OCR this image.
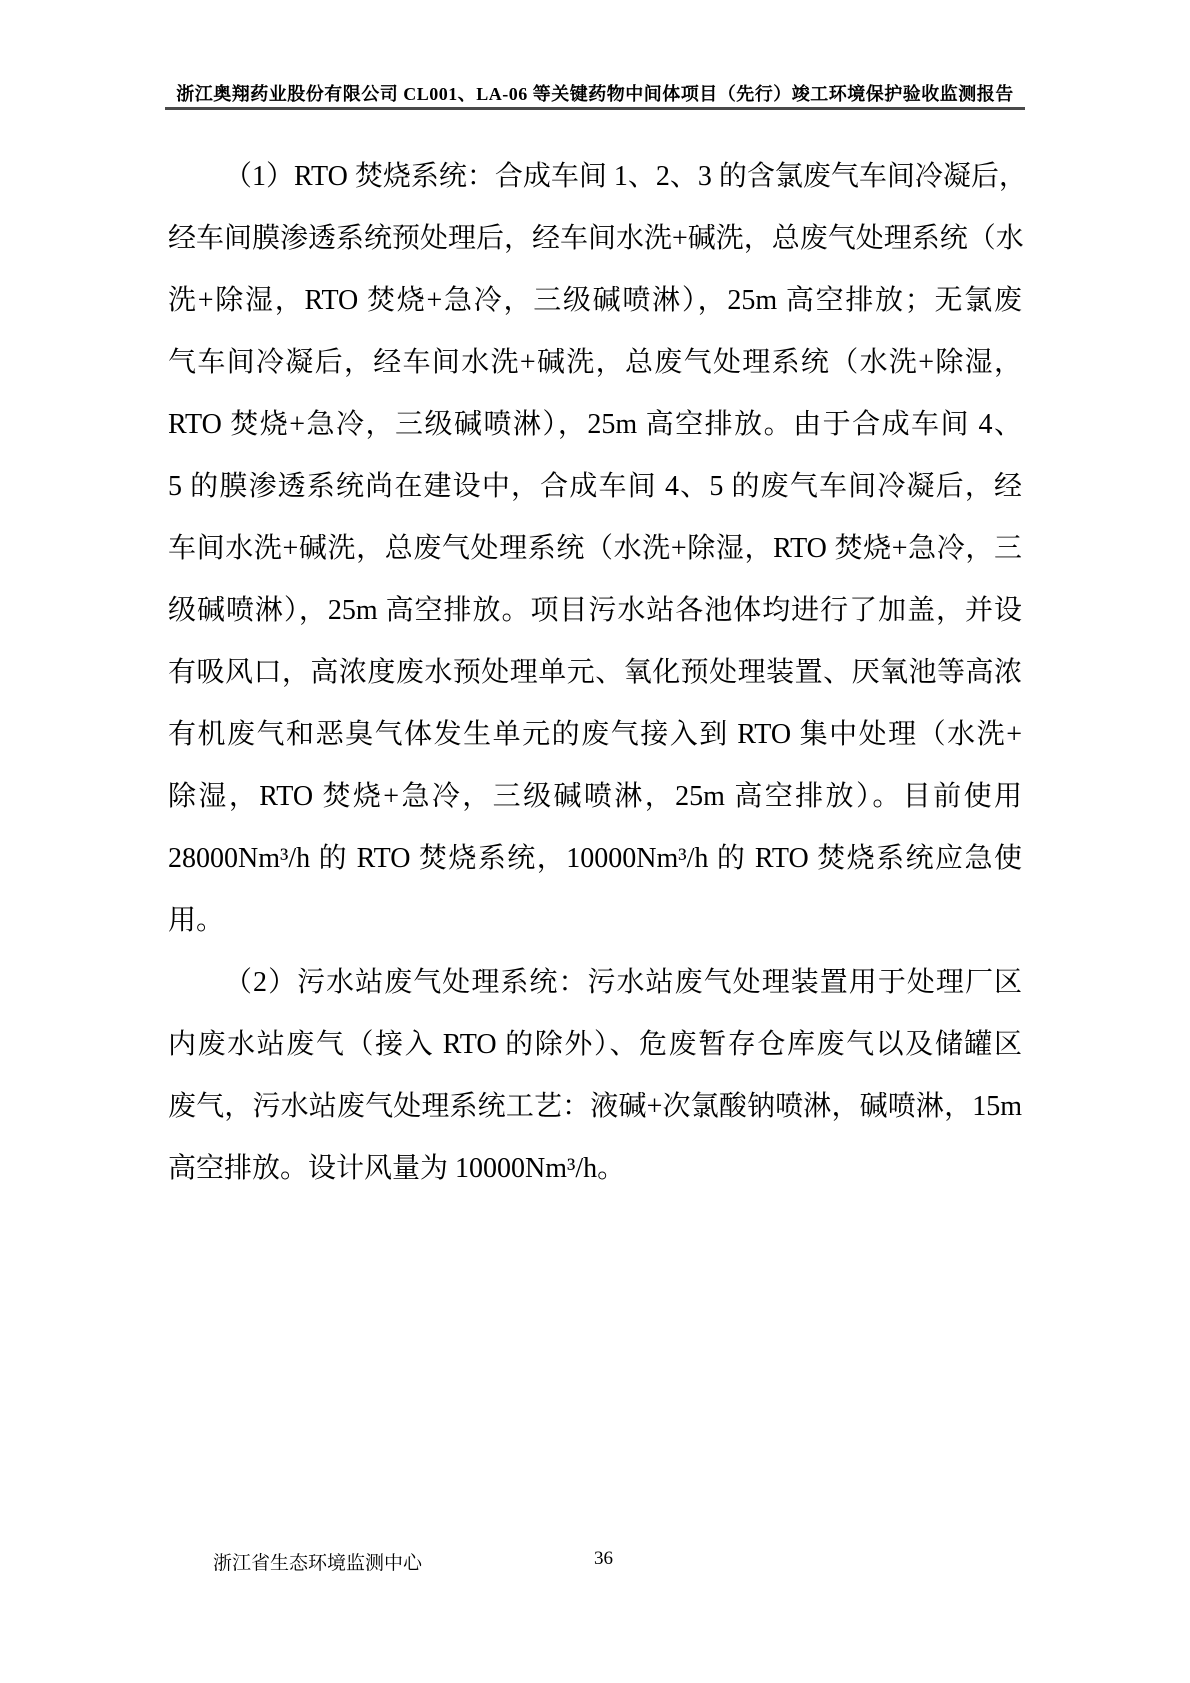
浙江奥翔药业股份有限公司 CL001、LA-06 等关键药物中间体项目（先行）竣工环境保护验收监测报告
（1）RTO 焚烧系统：合成车间 1、2、3 的含氯废气车间冷凝后，
经车间膜渗透系统预处理后，经车间水洗+碱洗，总废气处理系统（水
洗+除湿，RTO 焚烧+急冷，三级碱喷淋），25m 高空排放；无氯废
气车间冷凝后，经车间水洗+碱洗，总废气处理系统（水洗+除湿，
RTO 焚烧+急冷，三级碱喷淋），25m 高空排放。由于合成车间 4、
5 的膜渗透系统尚在建设中，合成车间 4、5 的废气车间冷凝后，经
车间水洗+碱洗，总废气处理系统（水洗+除湿，RTO 焚烧+急冷，三
级碱喷淋），25m 高空排放。项目污水站各池体均进行了加盖，并设
有吸风口，高浓度废水预处理单元、氧化预处理装置、厌氧池等高浓
有机废气和恶臭气体发生单元的废气接入到 RTO 集中处理（水洗+
除湿，RTO 焚烧+急冷，三级碱喷淋，25m 高空排放）。目前使用
28000Nm³/h 的 RTO 焚烧系统，10000Nm³/h 的 RTO 焚烧系统应急使
用。
（2）污水站废气处理系统：污水站废气处理装置用于处理厂区
内废水站废气（接入 RTO 的除外）、危废暂存仓库废气以及储罐区
废气，污水站废气处理系统工艺：液碱+次氯酸钠喷淋，碱喷淋，15m
高空排放。设计风量为 10000Nm³/h。
浙江省生态环境监测中心	36
